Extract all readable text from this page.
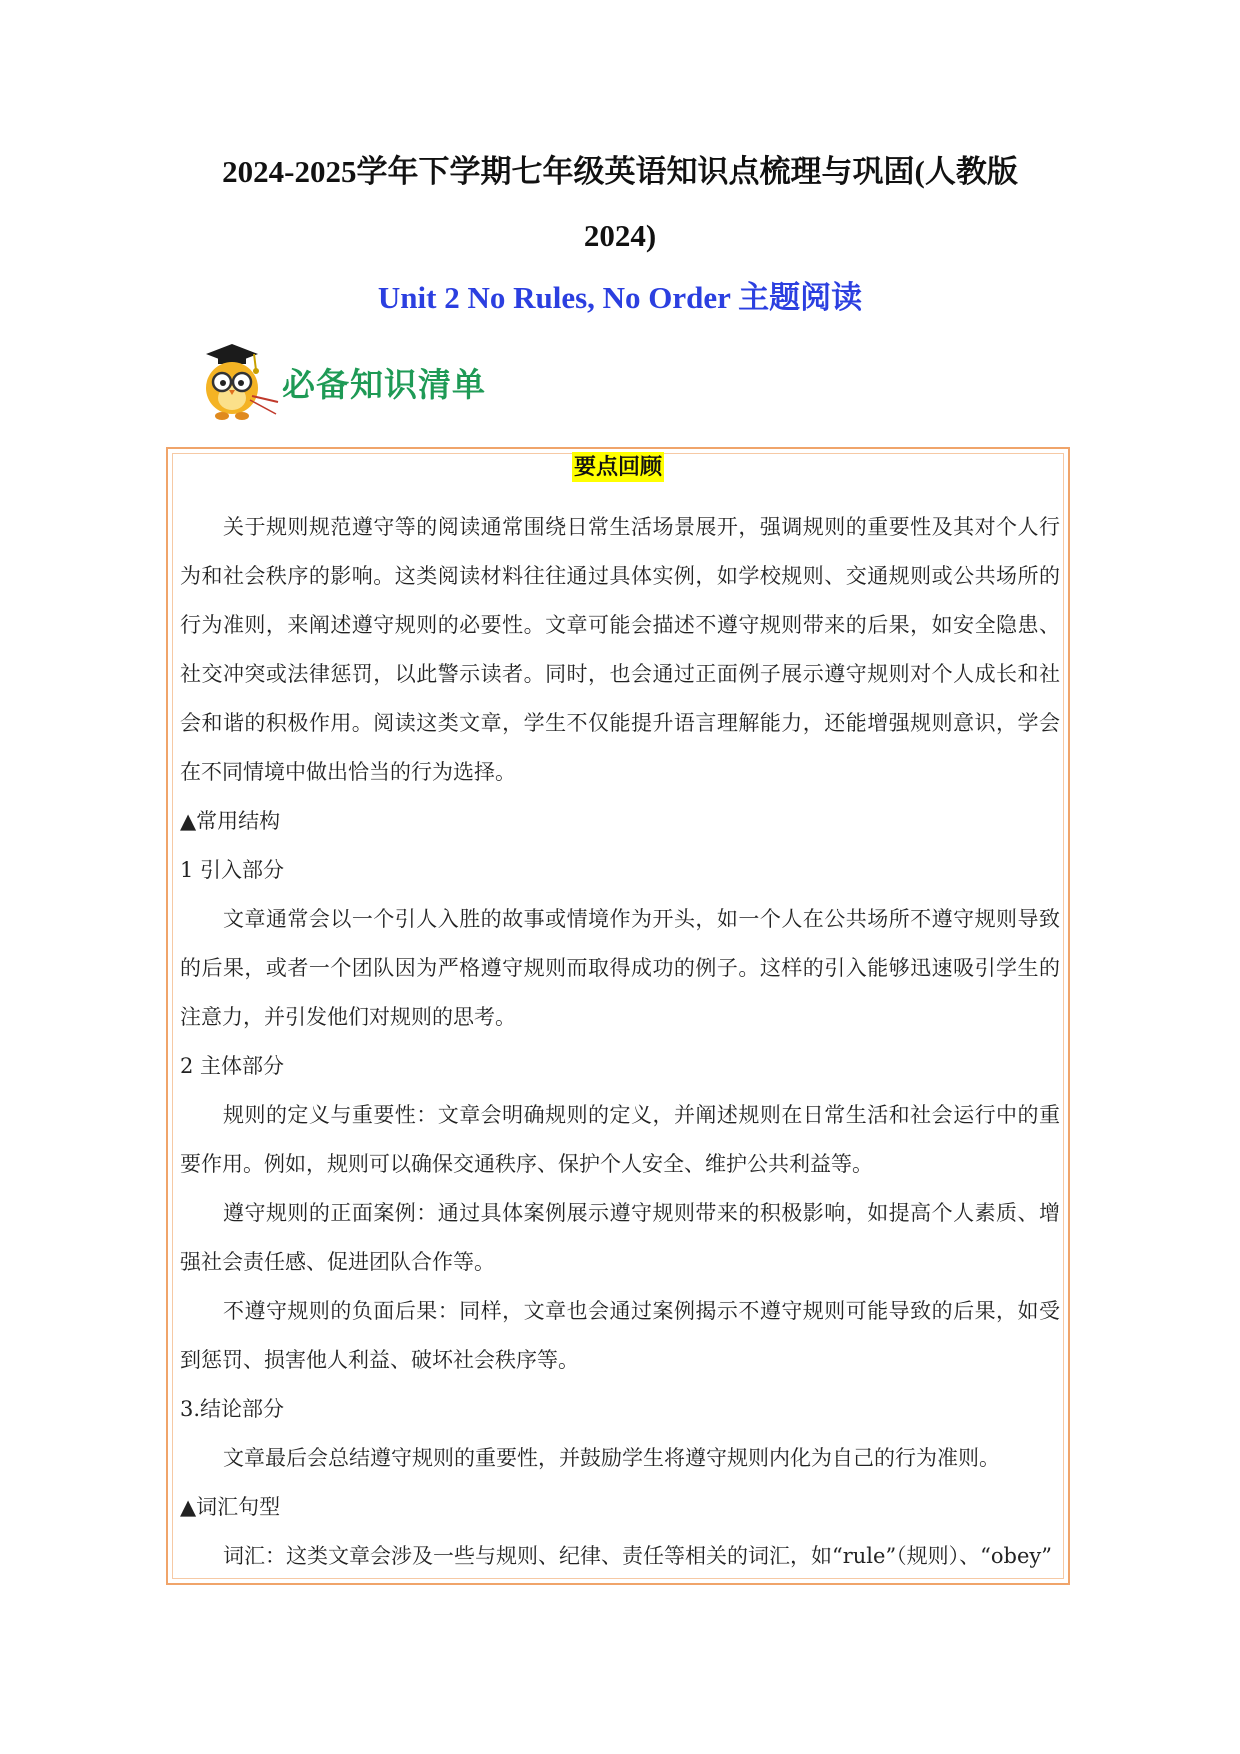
2024-2025学年下学期七年级英语知识点梳理与巩固(人教版
2024)
Unit 2 No Rules, No Order 主题阅读
必备知识清单
要点回顾

关于规则规范遵守等的阅读通常围绕日常生活场景展开，强调规则的重要性及其对个人行为和社会秩序的影响。这类阅读材料往往通过具体实例，如学校规则、交通规则或公共场所的行为准则，来阐述遵守规则的必要性。文章可能会描述不遵守规则带来的后果，如安全隐患、社交冲突或法律惩罚，以此警示读者。同时，也会通过正面例子展示遵守规则对个人成长和社会和谐的积极作用。阅读这类文章，学生不仅能提升语言理解能力，还能增强规则意识，学会在不同情境中做出恰当的行为选择。

▲常用结构

1 引入部分

文章通常会以一个引人入胜的故事或情境作为开头，如一个人在公共场所不遵守规则导致的后果，或者一个团队因为严格遵守规则而取得成功的例子。这样的引入能够迅速吸引学生的注意力，并引发他们对规则的思考。

2 主体部分

规则的定义与重要性：文章会明确规则的定义，并阐述规则在日常生活和社会运行中的重要作用。例如，规则可以确保交通秩序、保护个人安全、维护公共利益等。

遵守规则的正面案例：通过具体案例展示遵守规则带来的积极影响，如提高个人素质、增强社会责任感、促进团队合作等。

不遵守规则的负面后果：同样，文章也会通过案例揭示不遵守规则可能导致的后果，如受到惩罚、损害他人利益、破坏社会秩序等。

3.结论部分

文章最后会总结遵守规则的重要性，并鼓励学生将遵守规则内化为自己的行为准则。

▲词汇句型

词汇：这类文章会涉及一些与规则、纪律、责任等相关的词汇，如“rule”（规则）、“obey”
